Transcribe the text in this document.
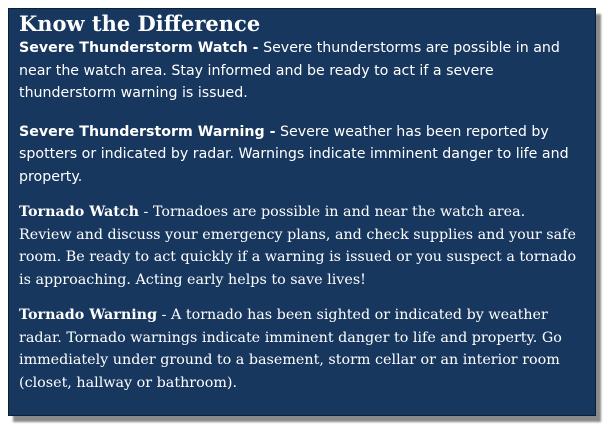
Know the Difference

Severe Thunderstorm Watch - Severe thunderstorms are possible in and near the watch area. Stay informed and be ready to act if a severe thunderstorm warning is issued.

Severe Thunderstorm Warning - Severe weather has been reported by spotters or indicated by radar. Warnings indicate imminent danger to life and property.

Tornado Watch - Tornadoes are possible in and near the watch area. Review and discuss your emergency plans, and check supplies and your safe room. Be ready to act quickly if a warning is issued or you suspect a tornado is approaching. Acting early helps to save lives!

Tornado Warning - A tornado has been sighted or indicated by weather radar. Tornado warnings indicate imminent danger to life and property. Go immediately under ground to a basement, storm cellar or an interior room (closet, hallway or bathroom).
